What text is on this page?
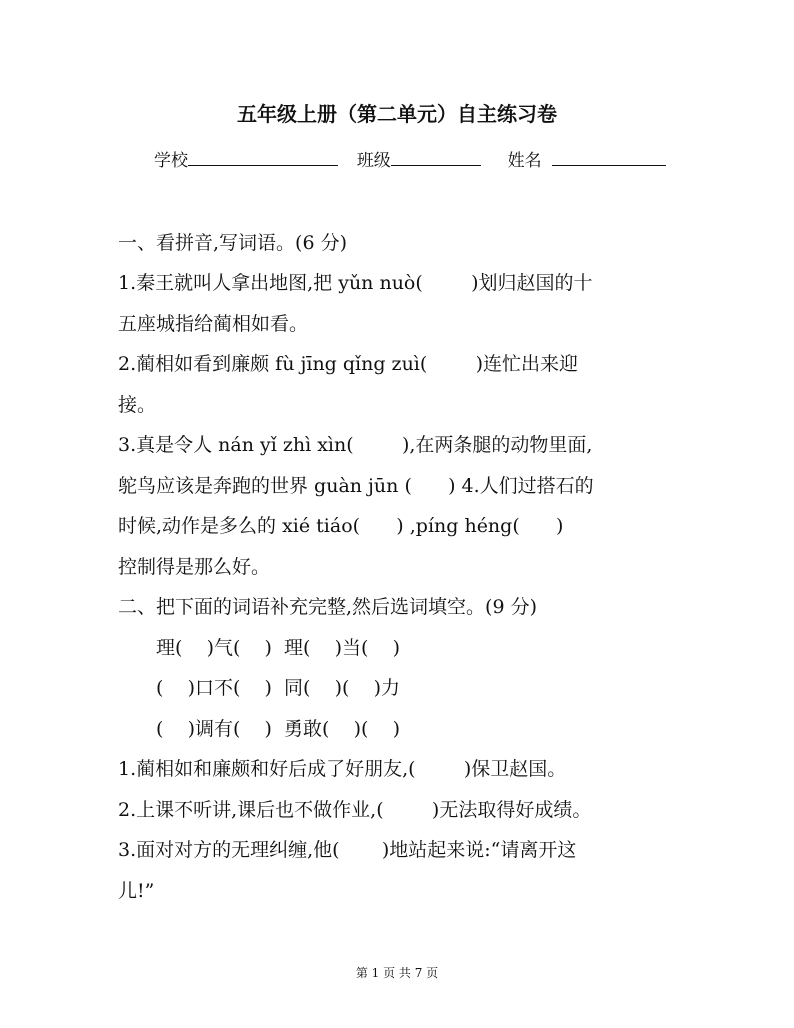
五年级上册（第二单元）自主练习卷
学校	班级	姓名
一、看拼音,写词语。(6 分)
1.秦王就叫人拿出地图,把 yǔn nuò(        )划归赵国的十
五座城指给蔺相如看。
2.蔺相如看到廉颇 fù jīng qǐng zuì(        )连忙出来迎
接。
3.真是令人 nán yǐ zhì xìn(        ),在两条腿的动物里面,
鸵鸟应该是奔跑的世界 guàn jūn (      ) 4.人们过搭石的
时候,动作是多么的 xié tiáo(      ) ,píng héng(      )
控制得是那么好。
二、把下面的词语补充完整,然后选词填空。(9 分)
理(    )气(    )  理(    )当(    )
(    )口不(    )  同(    )(    )力
(    )调有(    )  勇敢(    )(    )
1.蔺相如和廉颇和好后成了好朋友,(        )保卫赵国。
2.上课不听讲,课后也不做作业,(        )无法取得好成绩。
3.面对对方的无理纠缠,他(       )地站起来说:“请离开这
儿!”
第 1 页 共 7 页
